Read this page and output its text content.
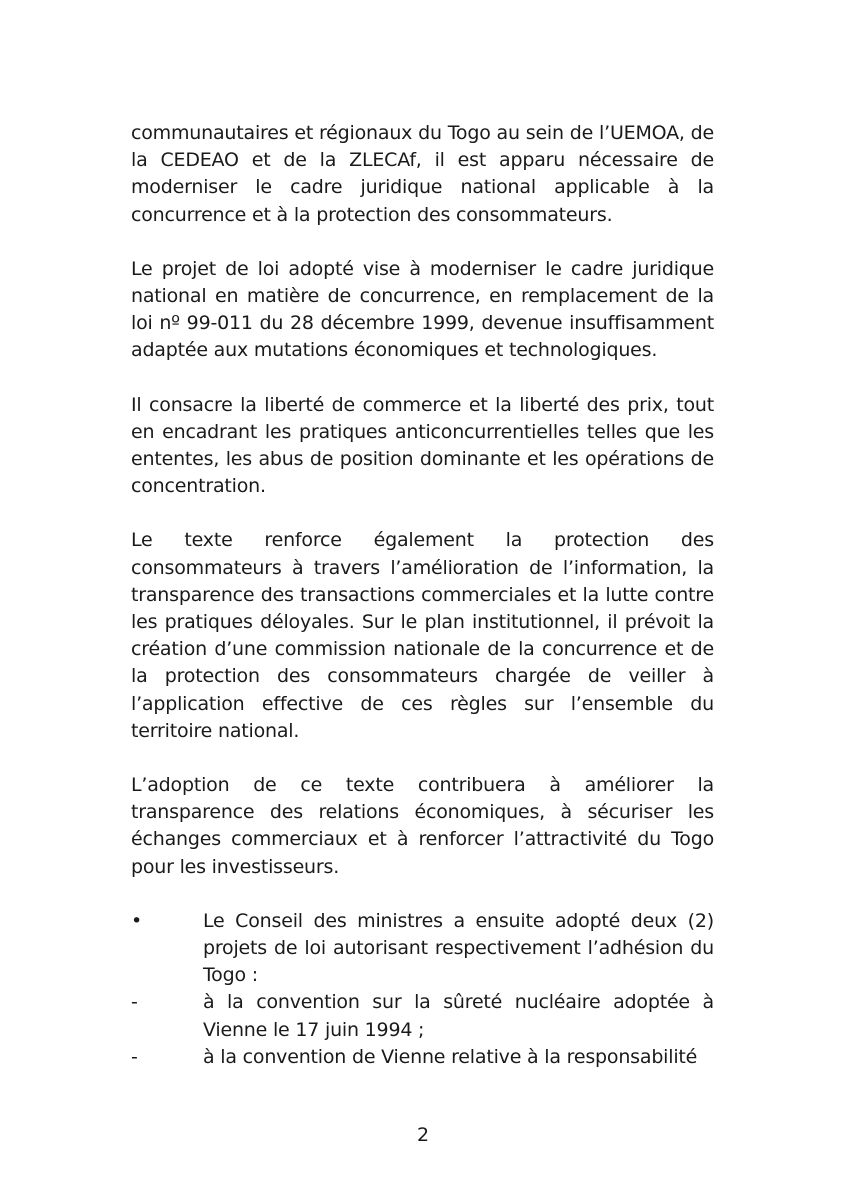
communautaires et régionaux du Togo au sein de l’UEMOA, de la CEDEAO et de la ZLECAf, il est apparu nécessaire de moderniser le cadre juridique national applicable à la concurrence et à la protection des consommateurs.

Le projet de loi adopté vise à moderniser le cadre juridique national en matière de concurrence, en remplacement de la loi nº 99-011 du 28 décembre 1999, devenue insuffisamment adaptée aux mutations économiques et technologiques.

Il consacre la liberté de commerce et la liberté des prix, tout en encadrant les pratiques anticoncurrentielles telles que les ententes, les abus de position dominante et les opérations de concentration.

Le texte renforce également la protection des consommateurs à travers l’amélioration de l’information, la transparence des transactions commerciales et la lutte contre les pratiques déloyales. Sur le plan institutionnel, il prévoit la création d’une commission nationale de la concurrence et de la protection des consommateurs chargée de veiller à l’application effective de ces règles sur l’ensemble du territoire national.

L’adoption de ce texte contribuera à améliorer la transparence des relations économiques, à sécuriser les échanges commerciaux et à renforcer l’attractivité du Togo pour les investisseurs.

•	Le Conseil des ministres a ensuite adopté deux (2) projets de loi autorisant respectivement l’adhésion du Togo :
-	à la convention sur la sûreté nucléaire adoptée à Vienne le 17 juin 1994 ;
-	à la convention de Vienne relative à la responsabilité
2
